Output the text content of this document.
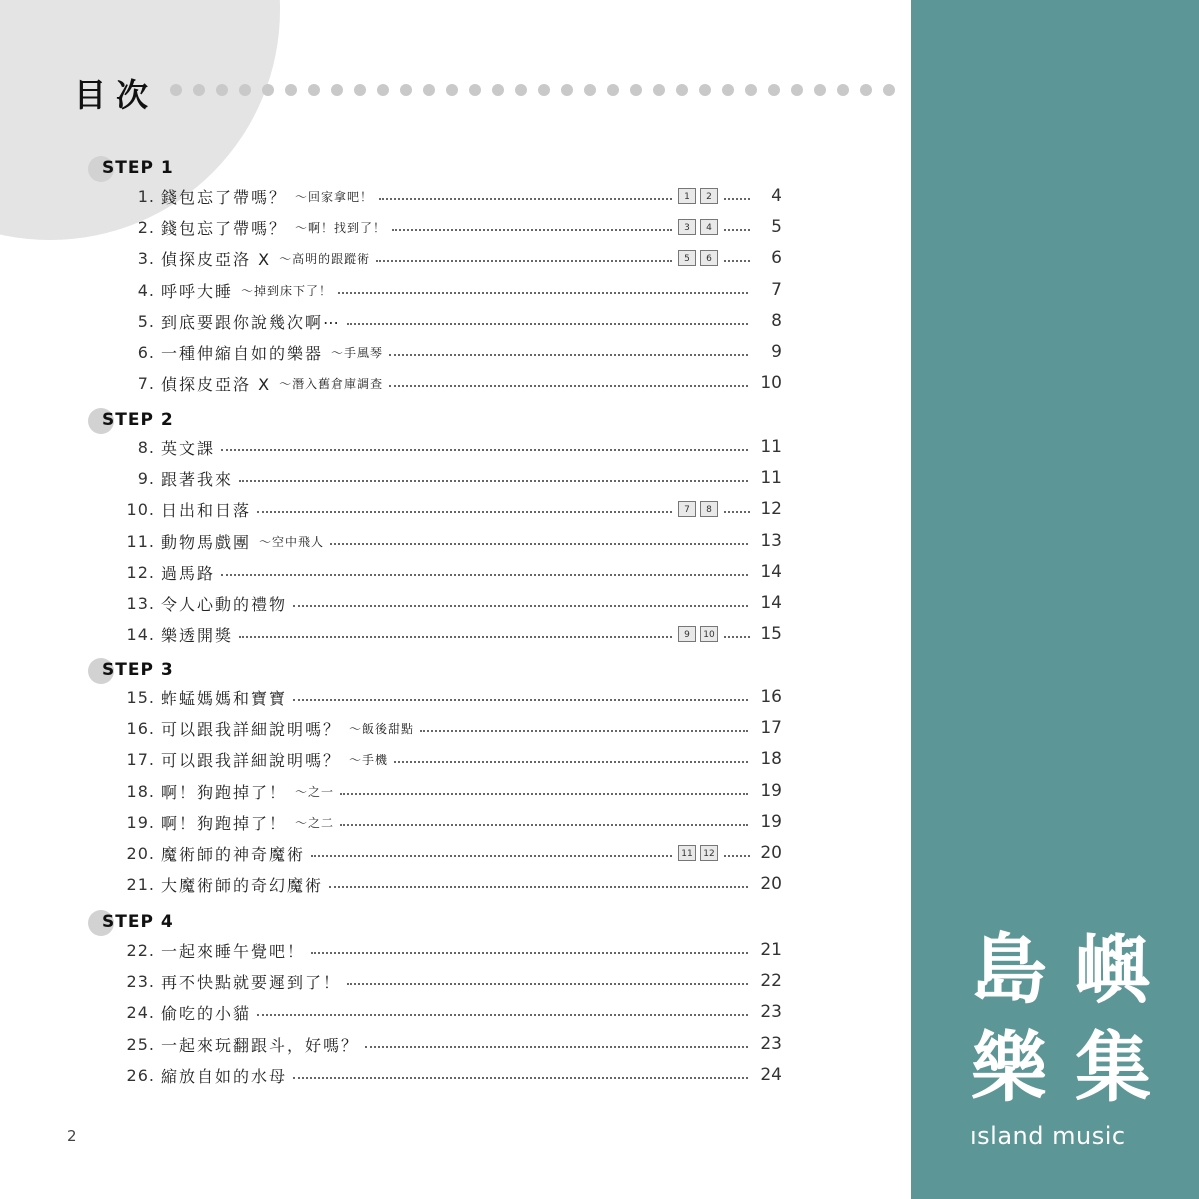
目次
STEP 1
1. 錢包忘了帶嗎？ ～回家拿吧！	1	2	4
2. 錢包忘了帶嗎？ ～啊！找到了！	3	4	5
3. 偵探皮亞洛 X ～高明的跟蹤術	5	6	6
4. 呼呼大睡 ～掉到床下了！	7
5. 到底要跟你說幾次啊⋯	8
6. 一種伸縮自如的樂器 ～手風琴	9
7. 偵探皮亞洛 X ～潛入舊倉庫調查	10
STEP 2
8. 英文課	11
9. 跟著我來	11
10. 日出和日落	7	8	12
11. 動物馬戲團 ～空中飛人	13
12. 過馬路	14
13. 令人心動的禮物	14
14. 樂透開獎	9	10	15
STEP 3
15. 蚱蜢媽媽和寶寶	16
16. 可以跟我詳細說明嗎？ ～飯後甜點	17
17. 可以跟我詳細說明嗎？ ～手機	18
18. 啊！狗跑掉了！ ～之一	19
19. 啊！狗跑掉了！ ～之二	19
20. 魔術師的神奇魔術	11	12	20
21. 大魔術師的奇幻魔術	20
STEP 4
22. 一起來睡午覺吧！	21
23. 再不快點就要遲到了！	22
24. 偷吃的小貓	23
25. 一起來玩翻跟斗，好嗎？	23
26. 縮放自如的水母	24
2
島 嶼
樂 集
ısland music
